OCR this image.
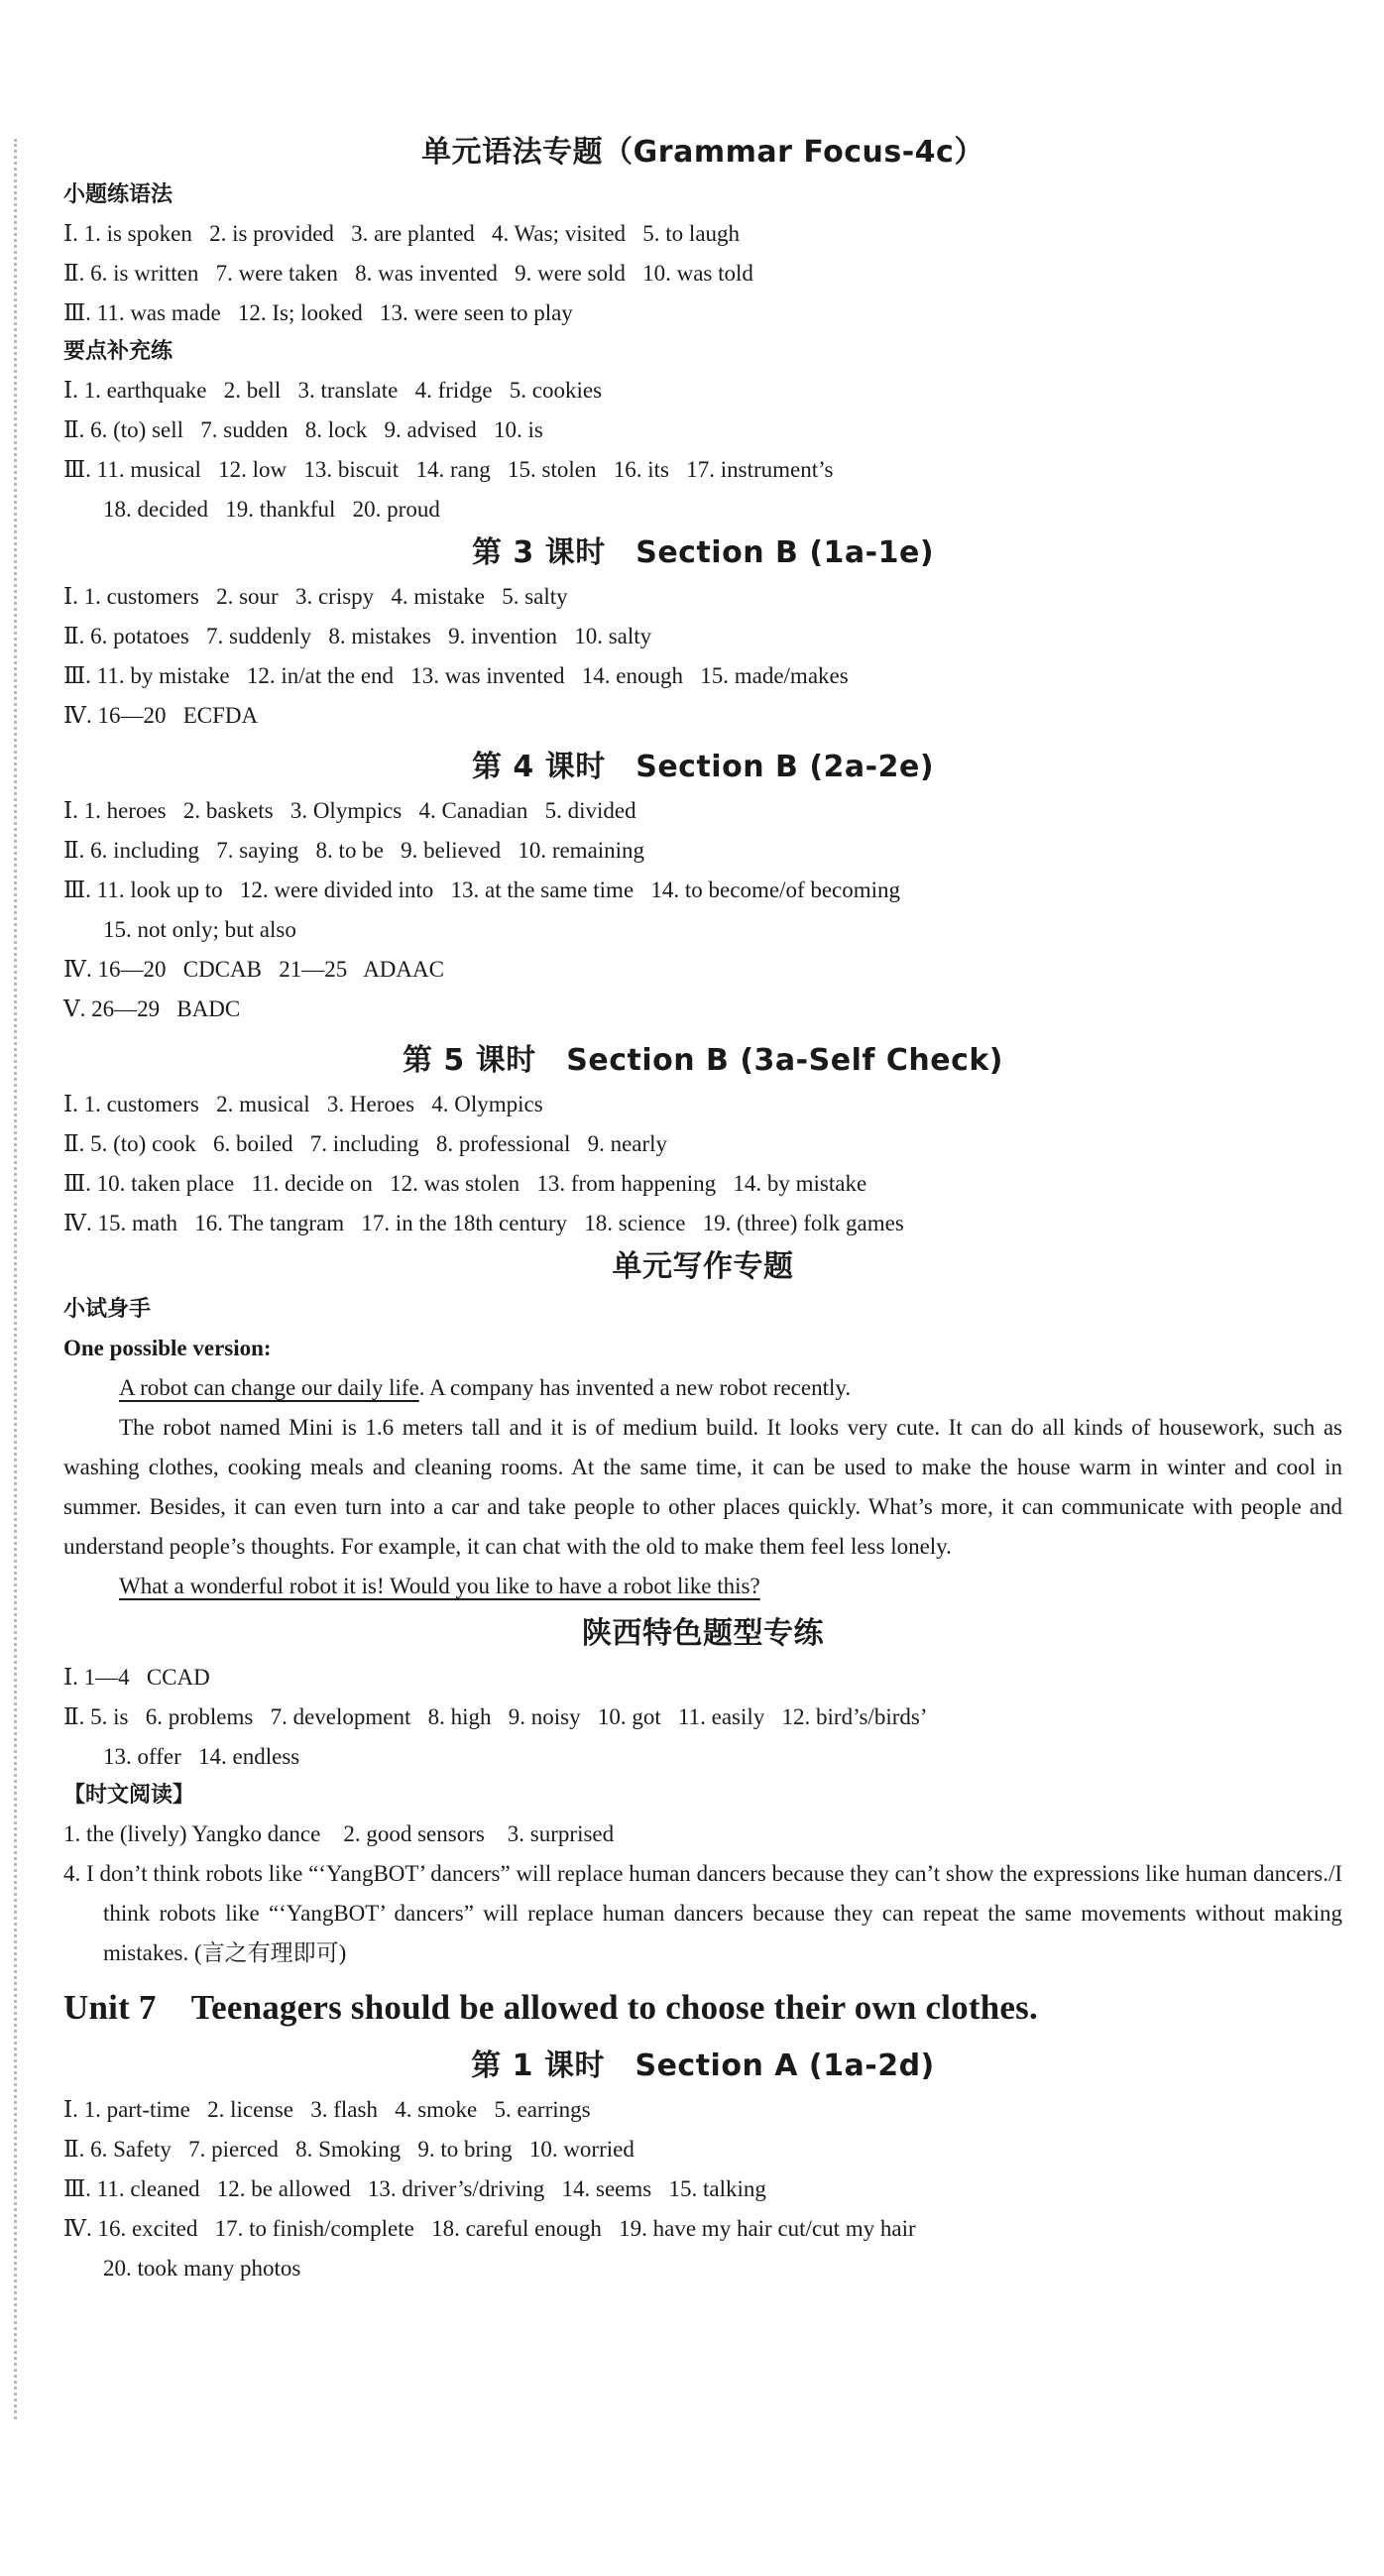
单元语法专题（Grammar Focus-4c）

小题练语法

Ⅰ. 1. is spoken   2. is provided   3. are planted   4. Was; visited   5. to laugh

Ⅱ. 6. is written   7. were taken   8. was invented   9. were sold   10. was told

Ⅲ. 11. was made   12. Is; looked   13. were seen to play

要点补充练

Ⅰ. 1. earthquake   2. bell   3. translate   4. fridge   5. cookies

Ⅱ. 6. (to) sell   7. sudden   8. lock   9. advised   10. is

Ⅲ. 11. musical   12. low   13. biscuit   14. rang   15. stolen   16. its   17. instrument’s

18. decided   19. thankful   20. proud

第 3 课时　Section B (1a-1e)

Ⅰ. 1. customers   2. sour   3. crispy   4. mistake   5. salty

Ⅱ. 6. potatoes   7. suddenly   8. mistakes   9. invention   10. salty

Ⅲ. 11. by mistake   12. in/at the end   13. was invented   14. enough   15. made/makes

Ⅳ. 16—20   ECFDA

第 4 课时　Section B (2a-2e)

Ⅰ. 1. heroes   2. baskets   3. Olympics   4. Canadian   5. divided

Ⅱ. 6. including   7. saying   8. to be   9. believed   10. remaining

Ⅲ. 11. look up to   12. were divided into   13. at the same time   14. to become/of becoming

15. not only; but also

Ⅳ. 16—20   CDCAB   21—25   ADAAC

Ⅴ. 26—29   BADC

第 5 课时　Section B (3a-Self Check)

Ⅰ. 1. customers   2. musical   3. Heroes   4. Olympics

Ⅱ. 5. (to) cook   6. boiled   7. including   8. professional   9. nearly

Ⅲ. 10. taken place   11. decide on   12. was stolen   13. from happening   14. by mistake

Ⅳ. 15. math   16. The tangram   17. in the 18th century   18. science   19. (three) folk games

单元写作专题

小试身手

One possible version:

A robot can change our daily life. A company has invented a new robot recently.

The robot named Mini is 1.6 meters tall and it is of medium build. It looks very cute. It can do all kinds of housework, such as washing clothes, cooking meals and cleaning rooms. At the same time, it can be used to make the house warm in winter and cool in summer. Besides, it can even turn into a car and take people to other places quickly. What’s more, it can communicate with people and understand people’s thoughts. For example, it can chat with the old to make them feel less lonely.

What a wonderful robot it is! Would you like to have a robot like this?

陕西特色题型专练

Ⅰ. 1—4   CCAD

Ⅱ. 5. is   6. problems   7. development   8. high   9. noisy   10. got   11. easily   12. bird’s/birds’

13. offer   14. endless

【时文阅读】

1. the (lively) Yangko dance    2. good sensors    3. surprised

4. I don’t think robots like “‘YangBOT’ dancers” will replace human dancers because they can’t show the expressions like human dancers./I think robots like “‘YangBOT’ dancers” will replace human dancers because they can repeat the same movements without making mistakes. (言之有理即可)

Unit 7　Teenagers should be allowed to choose their own clothes.
第 1 课时　Section A (1a-2d)

Ⅰ. 1. part-time   2. license   3. flash   4. smoke   5. earrings

Ⅱ. 6. Safety   7. pierced   8. Smoking   9. to bring   10. worried

Ⅲ. 11. cleaned   12. be allowed   13. driver’s/driving   14. seems   15. talking

Ⅳ. 16. excited   17. to finish/complete   18. careful enough   19. have my hair cut/cut my hair

20. took many photos
